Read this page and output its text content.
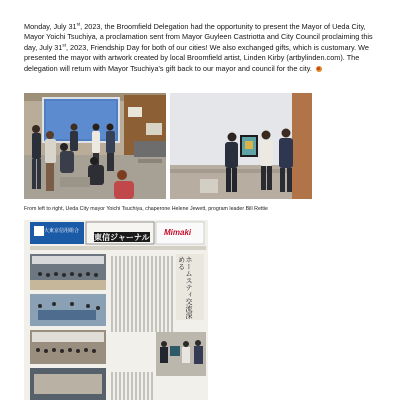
Monday, July 31st, 2023, the Broomfield Delegation had the opportunity to present the Mayor of Ueda City, Mayor Yoichi Tsuchiya, a proclamation sent from Mayor Guyleen Castriotta and City Council proclaiming this day, July 31st, 2023, Friendship Day for both of our cities! We also exchanged gifts, which is customary. We presented the mayor with artwork created by local Broomfield artist, Linden Kirby (artbylinden.com). The delegation will return with Mayor Tsuchiya's gift back to our mayor and council for the city.

From left to right, Ueda City mayor Yoichi Tsuchiya, chaperone Helene Jewett, program leader Bill Rettie
大東京信用組合
東信ジャーナル
Mimaki
ホームスティ交流深める
